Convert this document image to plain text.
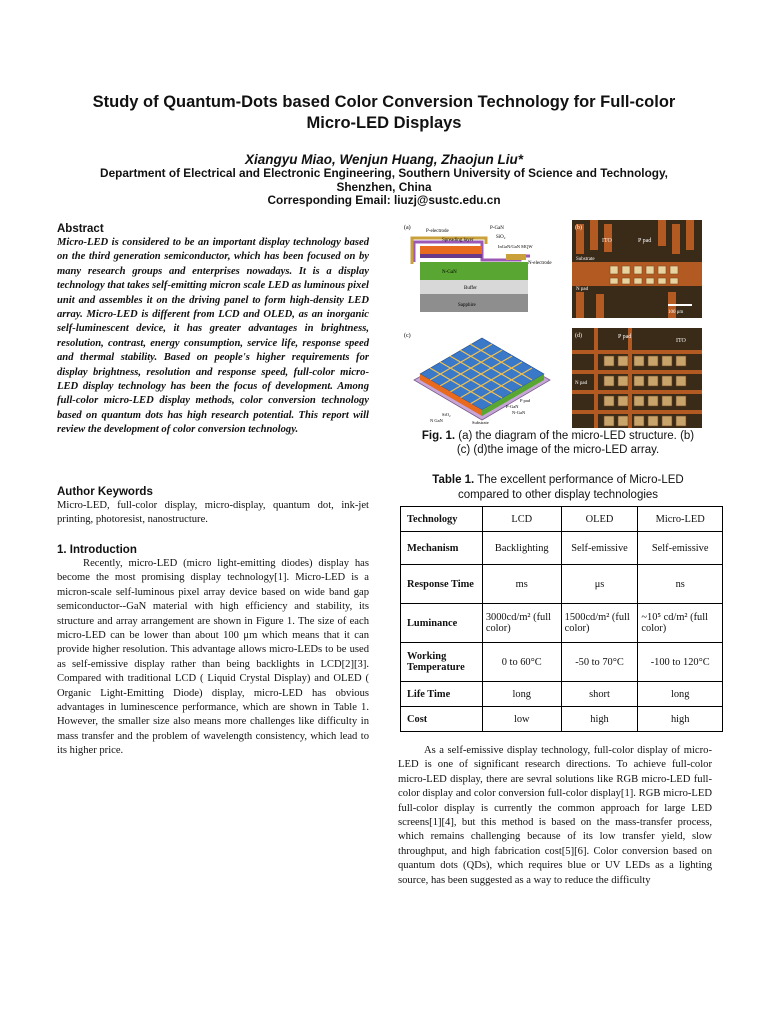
Study of Quantum-Dots based Color Conversion Technology for Full-color
Micro-LED Displays
Xiangyu Miao, Wenjun Huang, Zhaojun Liu*
Department of Electrical and Electronic Engineering, Southern University of Science and Technology, Shenzhen, China
Corresponding Email: liuzj@sustc.edu.cn
Abstract

Micro-LED is considered to be an important display technology based on the third generation semiconductor, which has been focused on by many research groups and enterprises nowadays. It is a display technology that takes self-emitting micron scale LED as luminous pixel unit and assembles it on the driving panel to form high-density LED array. Micro-LED is different from LCD and OLED, as an inorganic self-luminescent device, it has greater advantages in brightness, resolution, contrast, energy consumption, service life, response speed and thermal stability. Based on people's higher requirements for display brightness, resolution and response speed, full-color micro-LED display technology has been the focus of development. Among full-color micro-LED display methods, color conversion technology based on quantum dots has high research potential. This report will review the development of color conversion technology.

Author Keywords

Micro-LED, full-color display, micro-display, quantum dot, ink-jet printing, photoresist, nanostructure.

1. Introduction

Recently, micro-LED (micro light-emitting diodes) display has become the most promising display technology[1]. Micro-LED is a micron-scale self-luminous pixel array device based on wide band gap semiconductor--GaN material with high efficiency and stability, its structure and array arrangement are shown in Figure 1. The size of each micro-LED can be lower than about 100 μm which means that it can provide higher resolution. This advantage allows micro-LEDs to be used as self-emissive display rather than being backlights in LCD[2][3]. Compared with traditional LCD ( Liquid Crystal Display) and OLED ( Organic Light-Emitting Diode) display, micro-LED has obvious advantages in luminescence performance, which are shown in Table 1. However, the smaller size also means more challenges like difficulty in mass transfer and the problem of wavelength consistency, which lead to its higher price.

(a)
P-electrode
P-GaN
SiO₂
Spreading layer
InGaN/GaN MQW
N-GaN
N-electrode
Buffer
Sapphire
(b)
ITO	P pad
Substrate
N pad
100 μm
(c)
SiO₂
P-GaN
N-GaN
Substrate
N GaN
P pad
(d)	P pad
ITO
N pad
Fig. 1. (a) the diagram of the micro-LED structure. (b)
(c) (d)the image of the micro-LED array.
Table 1. The excellent performance of Micro-LED
compared to other display technologies
Technology	LCD	OLED	Micro-LED
Mechanism	Backlighting	Self-emissive	Self-emissive
Response Time	ms	μs	ns
Luminance	3000cd/m² (full color)	1500cd/m² (full color)	~10⁵ cd/m² (full color)
Working Temperature	0 to 60°C	-50 to 70°C	-100 to 120°C
Life Time	long	short	long
Cost	low	high	high

As a self-emissive display technology, full-color display of micro-LED is one of significant research directions. To achieve full-color micro-LED display, there are sevral solutions like RGB micro-LED full-color display and color conversion full-color display[1]. RGB micro-LED full-color display is currently the common approach for large LED screens[1][4], but this method is based on the mass-transfer process, which remains challenging because of its low transfer yield, slow throughput, and high fabrication cost[5][6]. Color conversion based on quantum dots (QDs), which requires blue or UV LEDs as a lighting source, has been suggested as a way to reduce the difficulty
